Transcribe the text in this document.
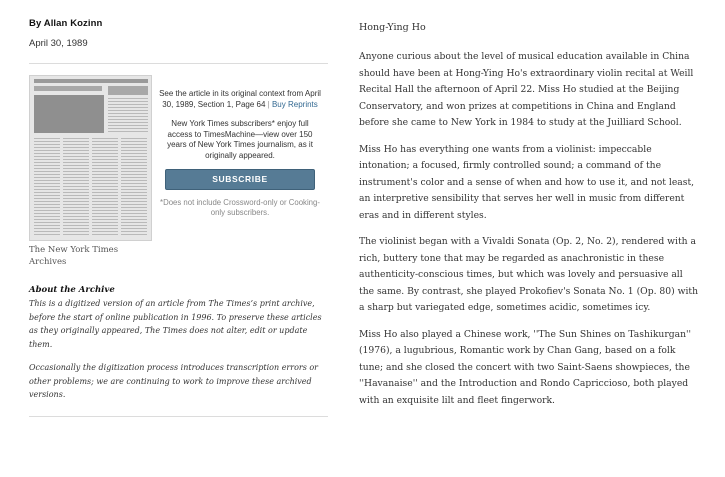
By Allan Kozinn
April 30, 1989
The New York Times Archives
See the article in its original context from April 30, 1989, Section 1, Page 64 | Buy Reprints
New York Times subscribers* enjoy full access to TimesMachine—view over 150 years of New York Times journalism, as it originally appeared.
SUBSCRIBE
*Does not include Crossword-only or Cooking-only subscribers.
About the Archive

This is a digitized version of an article from The Times’s print archive, before the start of online publication in 1996. To preserve these articles as they originally appeared, The Times does not alter, edit or update them.

Occasionally the digitization process introduces transcription errors or other problems; we are continuing to work to improve these archived versions.

Hong-Ying Ho

Anyone curious about the level of musical education available in China should have been at Hong-Ying Ho's extraordinary violin recital at Weill Recital Hall the afternoon of April 22. Miss Ho studied at the Beijing Conservatory, and won prizes at competitions in China and England before she came to New York in 1984 to study at the Juilliard School.

Miss Ho has everything one wants from a violinist: impeccable intonation; a focused, firmly controlled sound; a command of the instrument's color and a sense of when and how to use it, and not least, an interpretive sensibility that serves her well in music from different eras and in different styles.

The violinist began with a Vivaldi Sonata (Op. 2, No. 2), rendered with a rich, buttery tone that may be regarded as anachronistic in these authenticity-conscious times, but which was lovely and persuasive all the same. By contrast, she played Prokofiev's Sonata No. 1 (Op. 80) with a sharp but variegated edge, sometimes acidic, sometimes icy.

Miss Ho also played a Chinese work, ''The Sun Shines on Tashikurgan'' (1976), a lugubrious, Romantic work by Chan Gang, based on a folk tune; and she closed the concert with two Saint-Saens showpieces, the ''Havanaise'' and the Introduction and Rondo Capriccioso, both played with an exquisite lilt and fleet fingerwork.
